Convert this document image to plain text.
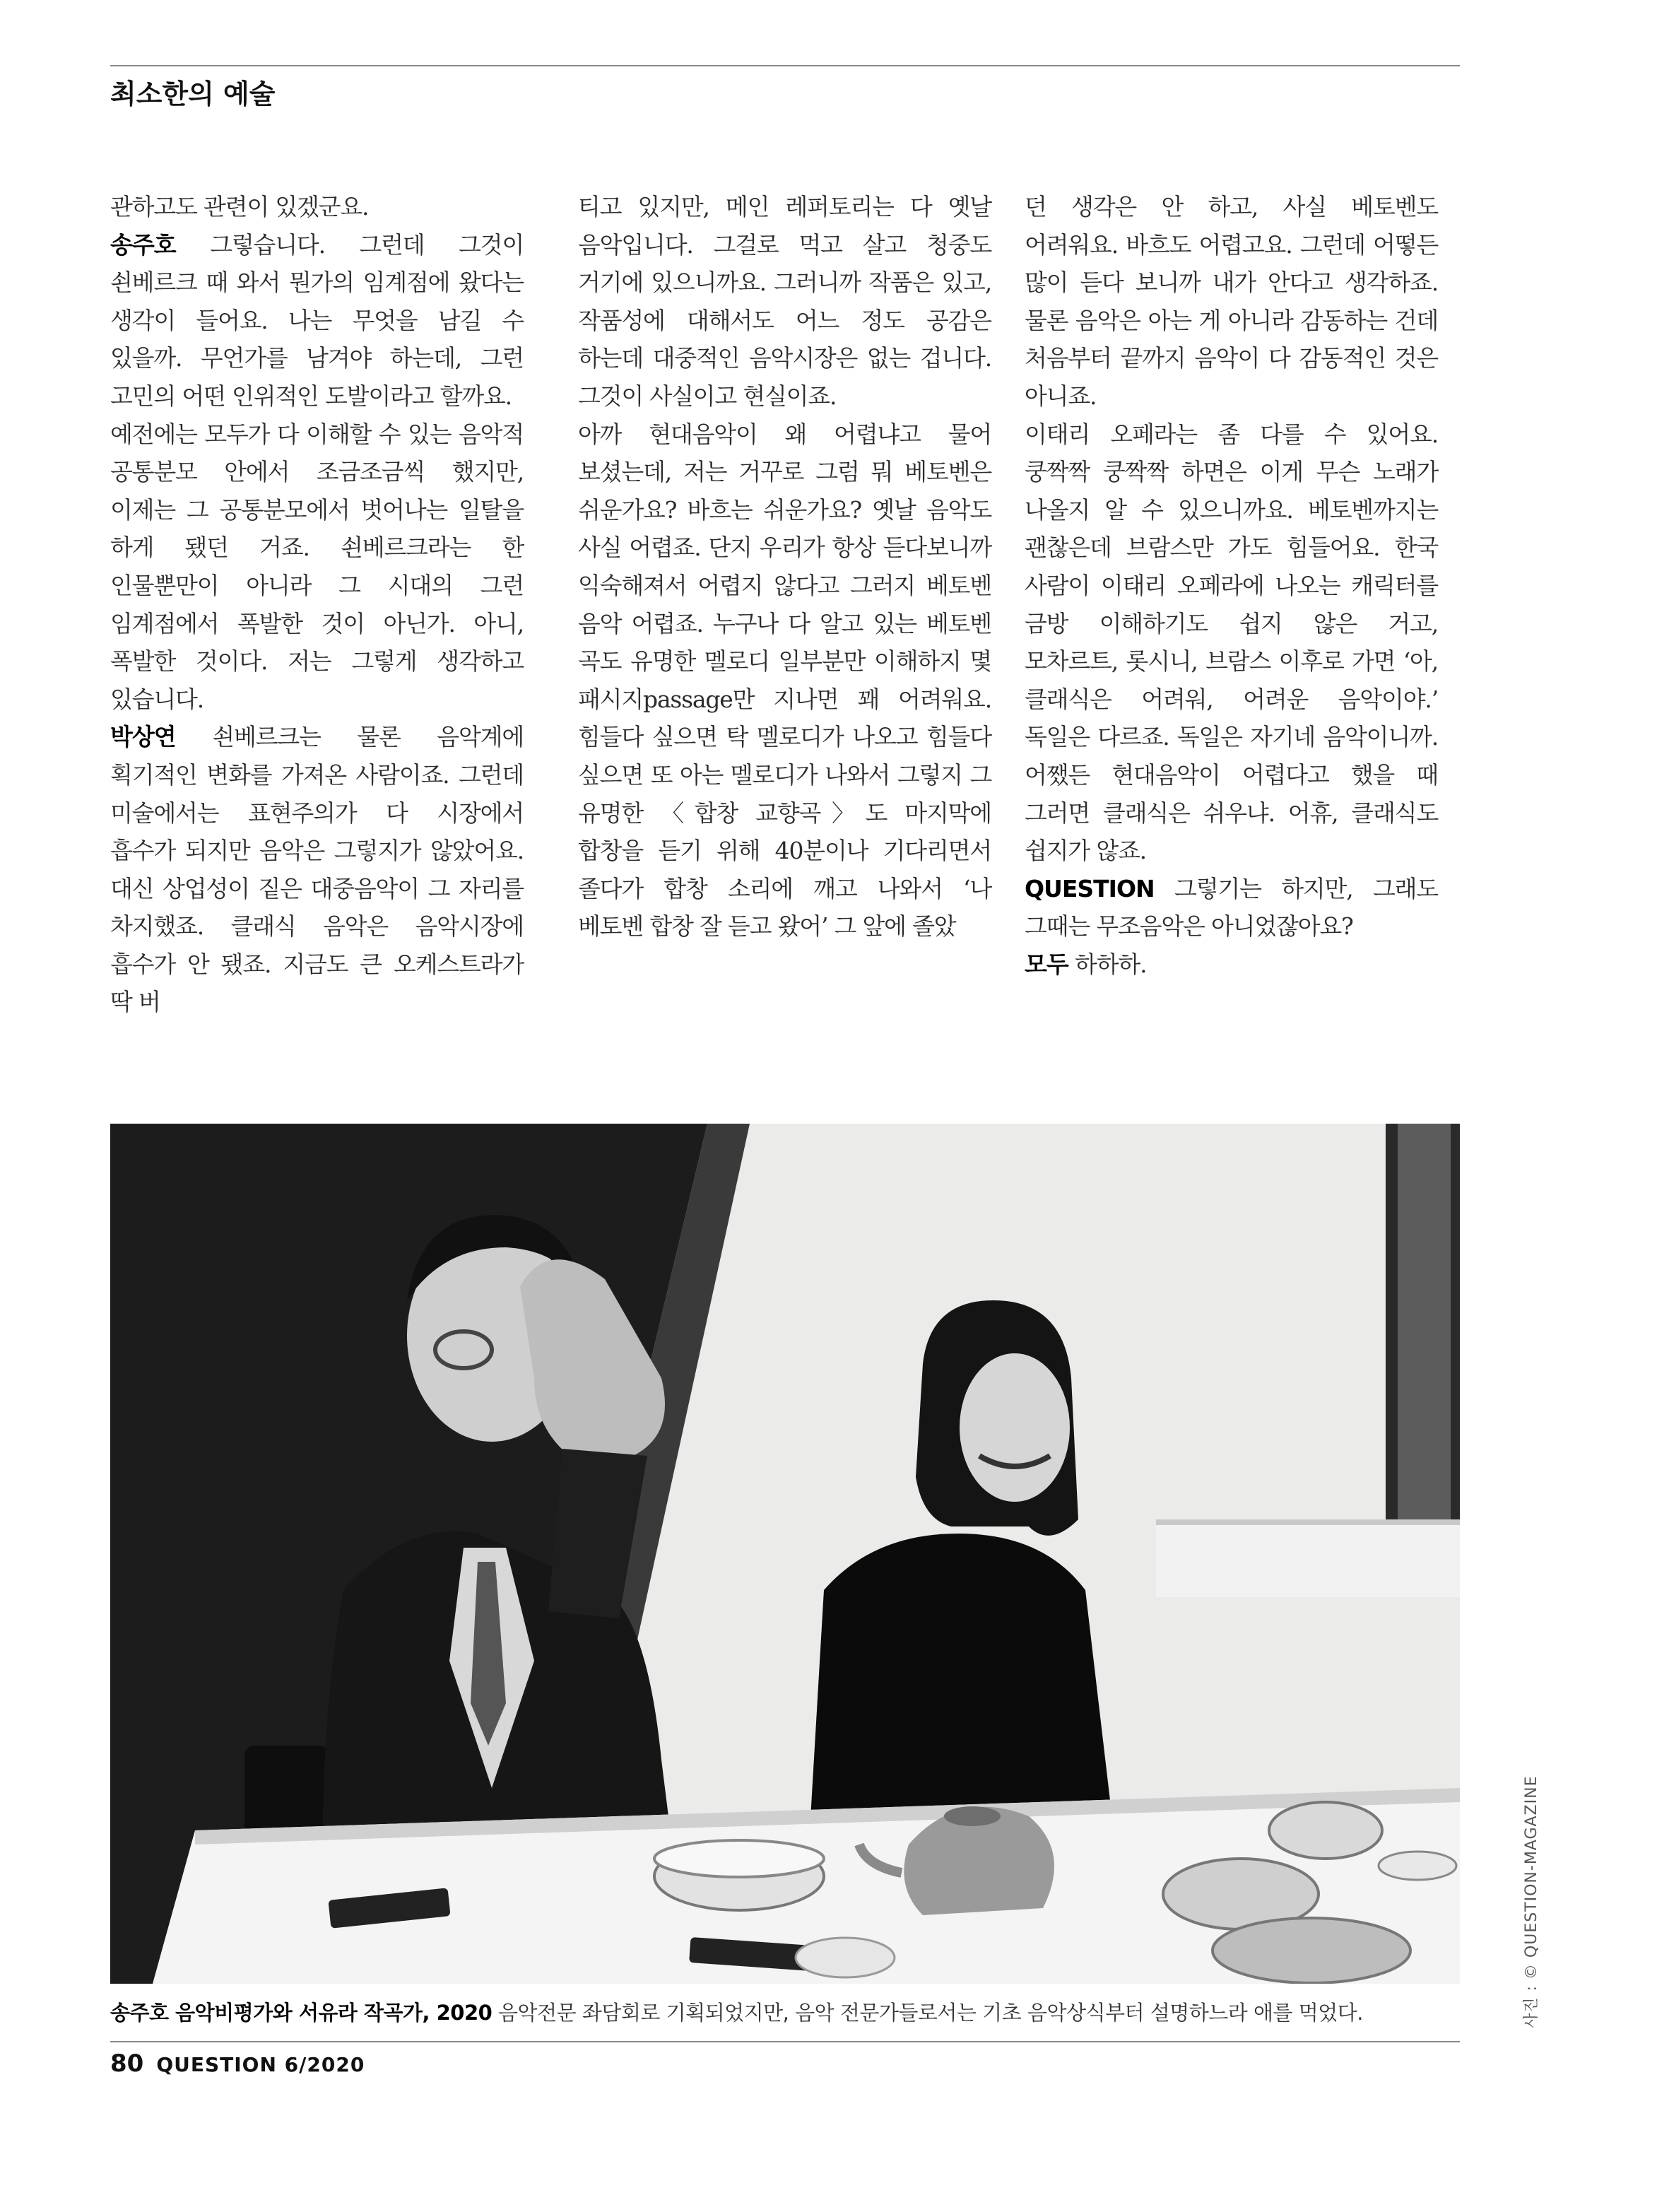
최소한의 예술

관하고도 관련이 있겠군요.

송주호 그렇습니다. 그런데 그것이 쇤베르크 때 와서 뭔가의 임계점에 왔다는 생각이 들어요. 나는 무엇을 남길 수 있을까. 무언가를 남겨야 하는데, 그런 고민의 어떤 인위적인 도발이라고 할까요.

예전에는 모두가 다 이해할 수 있는 음악적 공통분모 안에서 조금조금씩 했지만, 이제는 그 공통분모에서 벗어나는 일탈을 하게 됐던 거죠. 쇤베르크라는 한 인물뿐만이 아니라 그 시대의 그런 임계점에서 폭발한 것이 아닌가. 아니, 폭발한 것이다. 저는 그렇게 생각하고 있습니다.

박상연 쇤베르크는 물론 음악계에 획기적인 변화를 가져온 사람이죠. 그런데 미술에서는 표현주의가 다 시장에서 흡수가 되지만 음악은 그렇지가 않았어요. 대신 상업성이 짙은 대중음악이 그 자리를 차지했죠. 클래식 음악은 음악시장에 흡수가 안 됐죠. 지금도 큰 오케스트라가 딱 버

티고 있지만, 메인 레퍼토리는 다 옛날 음악입니다. 그걸로 먹고 살고 청중도 거기에 있으니까요. 그러니까 작품은 있고, 작품성에 대해서도 어느 정도 공감은 하는데 대중적인 음악시장은 없는 겁니다. 그것이 사실이고 현실이죠.

아까 현대음악이 왜 어렵냐고 물어 보셨는데, 저는 거꾸로 그럼 뭐 베토벤은 쉬운가요? 바흐는 쉬운가요? 옛날 음악도 사실 어렵죠. 단지 우리가 항상 듣다보니까 익숙해져서 어렵지 않다고 그러지 베토벤 음악 어렵죠. 누구나 다 알고 있는 베토벤 곡도 유명한 멜로디 일부분만 이해하지 몇 패시지passage만 지나면 꽤 어려워요. 힘들다 싶으면 탁 멜로디가 나오고 힘들다 싶으면 또 아는 멜로디가 나와서 그렇지 그 유명한 〈합창 교향곡〉도 마지막에 합창을 듣기 위해 40분이나 기다리면서 졸다가 합창 소리에 깨고 나와서 ‘나 베토벤 합창 잘 듣고 왔어’ 그 앞에 졸았

던 생각은 안 하고, 사실 베토벤도 어려워요. 바흐도 어렵고요. 그런데 어떻든 많이 듣다 보니까 내가 안다고 생각하죠. 물론 음악은 아는 게 아니라 감동하는 건데 처음부터 끝까지 음악이 다 감동적인 것은 아니죠.

이태리 오페라는 좀 다를 수 있어요. 쿵짝짝 쿵짝짝 하면은 이게 무슨 노래가 나올지 알 수 있으니까요. 베토벤까지는 괜찮은데 브람스만 가도 힘들어요. 한국 사람이 이태리 오페라에 나오는 캐릭터를 금방 이해하기도 쉽지 않은 거고, 모차르트, 롯시니, 브람스 이후로 가면 ‘아, 클래식은 어려워, 어려운 음악이야.’ 독일은 다르죠. 독일은 자기네 음악이니까. 어쨌든 현대음악이 어렵다고 했을 때 그러면 클래식은 쉬우냐. 어휴, 클래식도 쉽지가 않죠.

QUESTION 그렇기는 하지만, 그래도 그때는 무조음악은 아니었잖아요?

모두 하하하.

송주호 음악비평가와 서유라 작곡가, 2020 음악전문 좌담회로 기획되었지만, 음악 전문가들로서는 기초 음악상식부터 설명하느라 애를 먹었다.	사진 : © QUESTION-MAGAZINE
80 QUESTION 6/2020
